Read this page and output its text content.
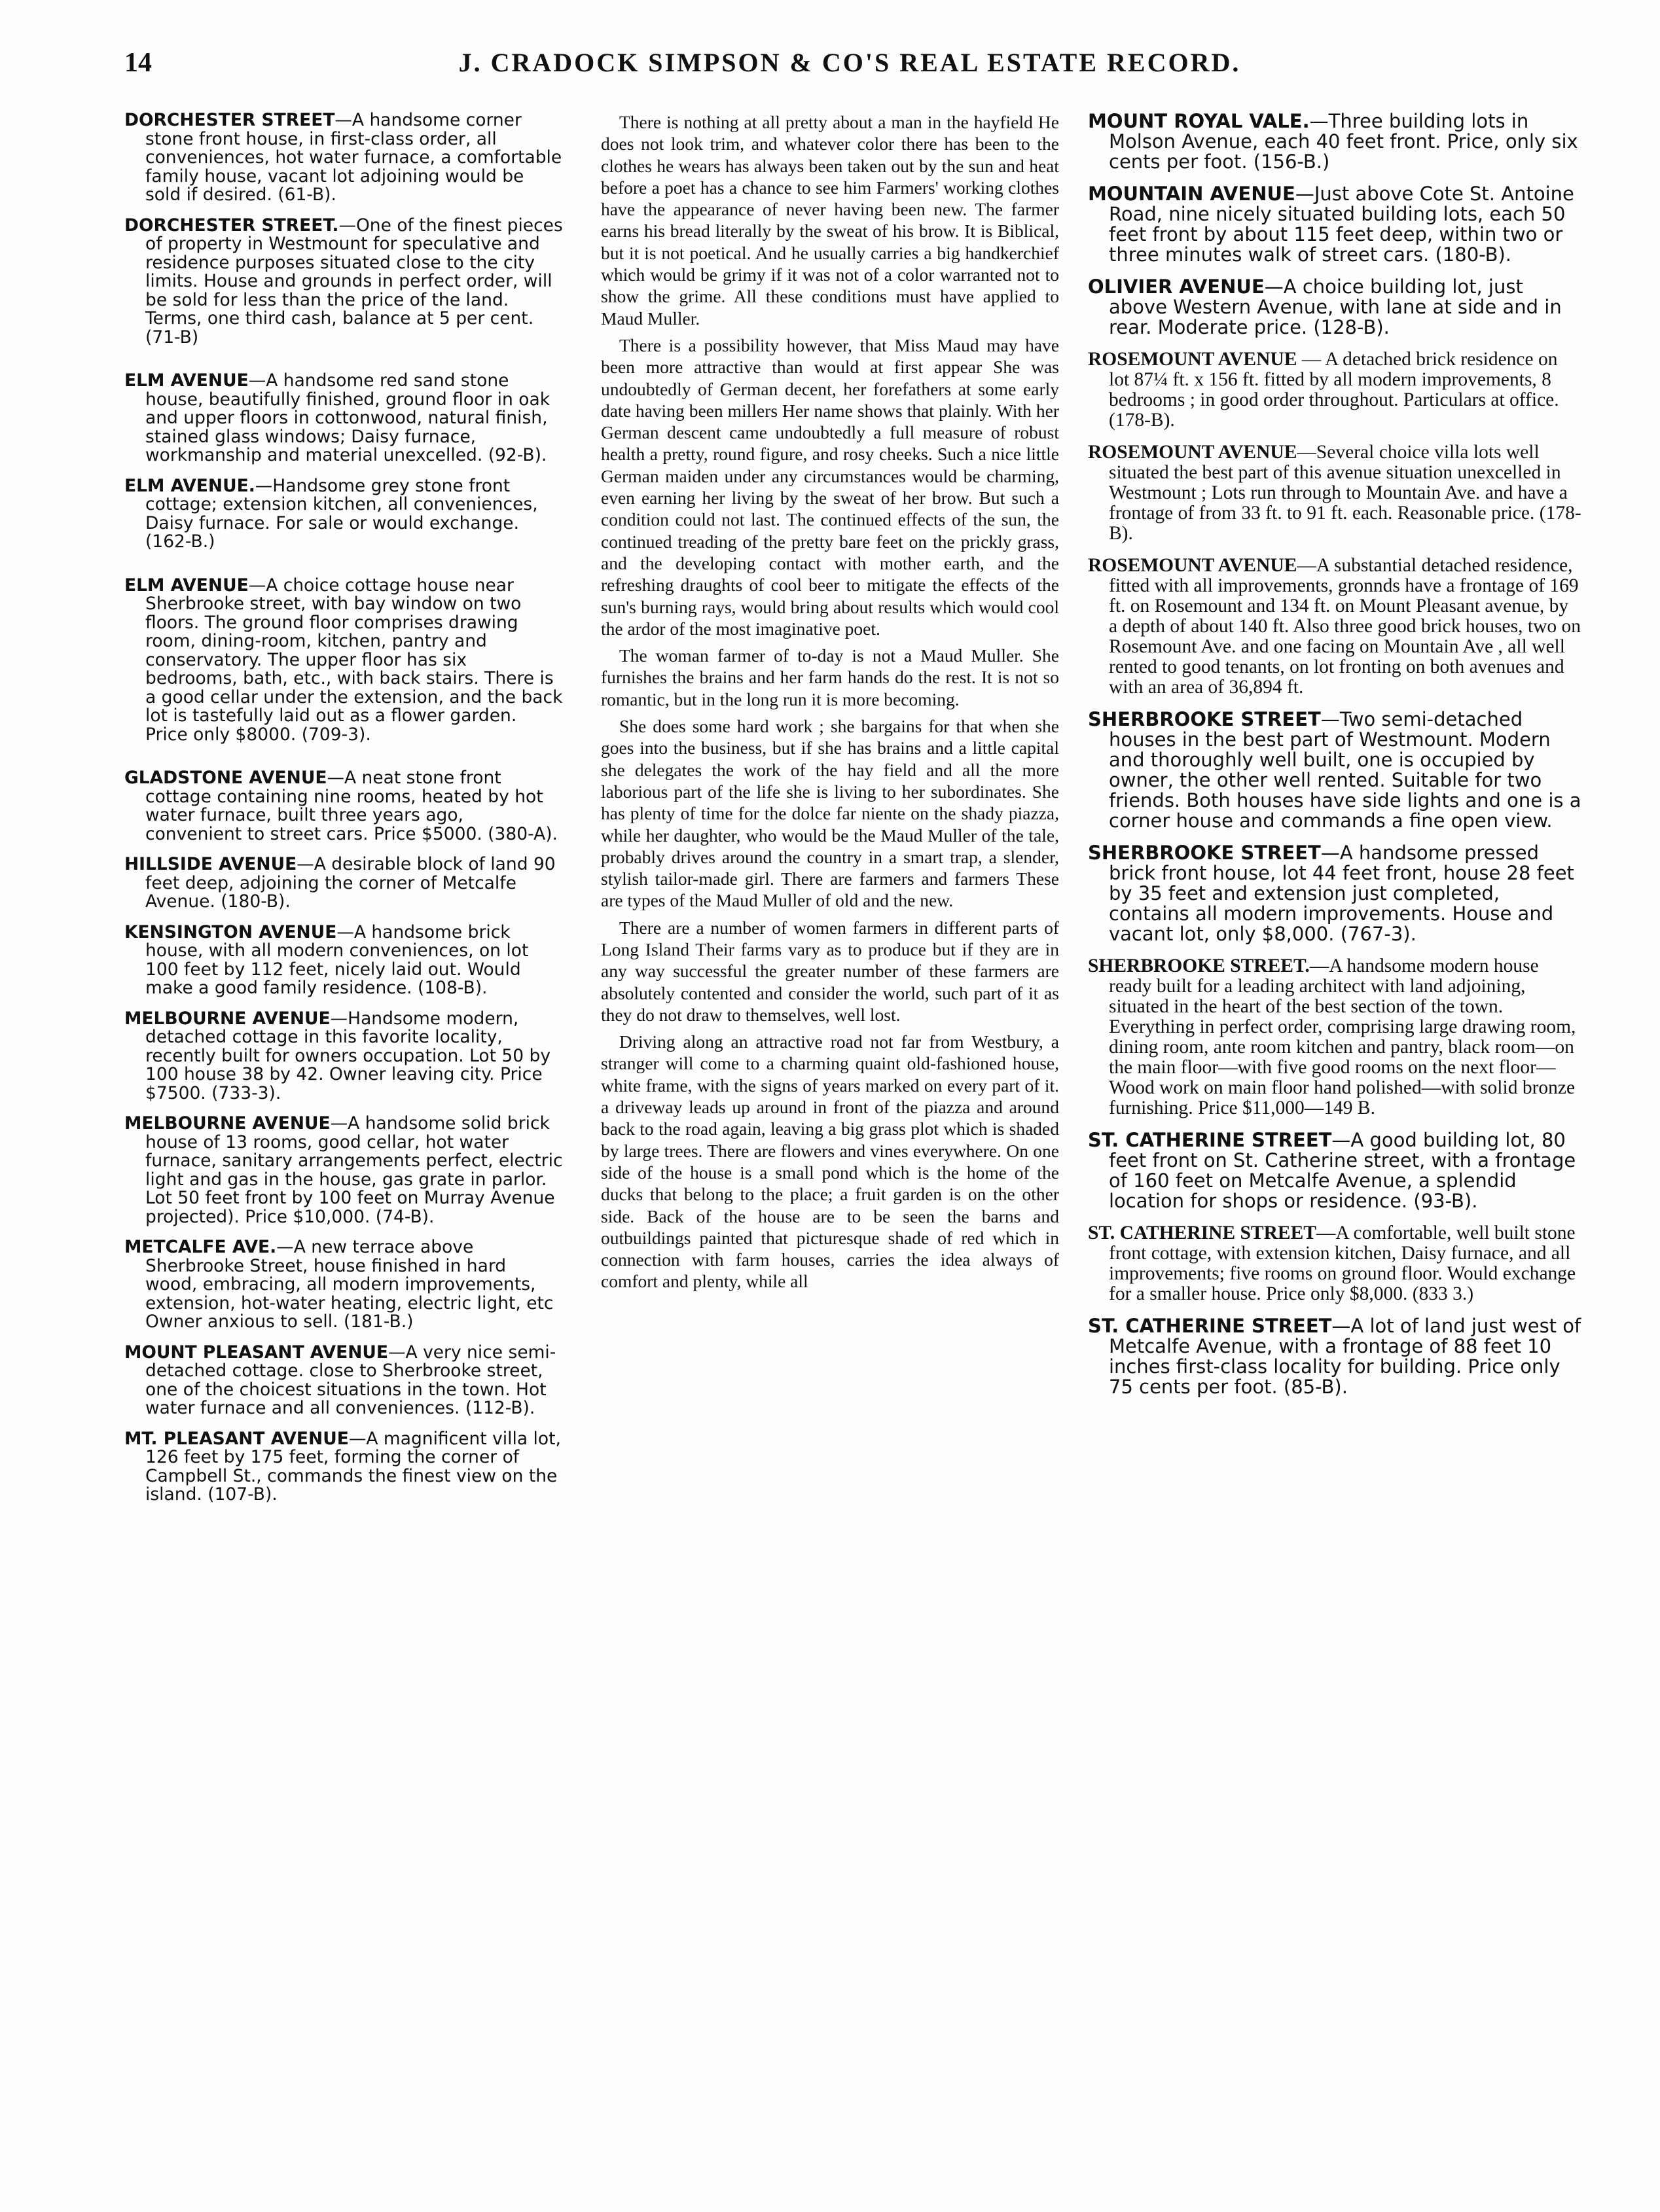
14	J. CRADOCK SIMPSON & CO'S REAL ESTATE RECORD.

DORCHESTER STREET—A handsome corner stone front house, in first-class order, all conveniences, hot water furnace, a comfortable family house, vacant lot adjoining would be sold if desired. (61-B).

DORCHESTER STREET.—One of the finest pieces of property in Westmount for speculative and residence purposes situated close to the city limits. House and grounds in perfect order, will be sold for less than the price of the land. Terms, one third cash, balance at 5 per cent. (71-B)

ELM AVENUE—A handsome red sand stone house, beautifully finished, ground floor in oak and upper floors in cottonwood, natural finish, stained glass windows; Daisy furnace, workmanship and material unexcelled. (92-B).

ELM AVENUE.—Handsome grey stone front cottage; extension kitchen, all conveniences, Daisy furnace. For sale or would exchange. (162-B.)

ELM AVENUE—A choice cottage house near Sherbrooke street, with bay window on two floors. The ground floor comprises drawing room, dining-room, kitchen, pantry and conservatory. The upper floor has six bedrooms, bath, etc., with back stairs. There is a good cellar under the extension, and the back lot is tastefully laid out as a flower garden. Price only $8000. (709-3).

GLADSTONE AVENUE—A neat stone front cottage containing nine rooms, heated by hot water furnace, built three years ago, convenient to street cars. Price $5000. (380-A).

HILLSIDE AVENUE—A desirable block of land 90 feet deep, adjoining the corner of Metcalfe Avenue. (180-B).

KENSINGTON AVENUE—A handsome brick house, with all modern conveniences, on lot 100 feet by 112 feet, nicely laid out. Would make a good family residence. (108-B).

MELBOURNE AVENUE—Handsome modern, detached cottage in this favorite locality, recently built for owners occupation. Lot 50 by 100 house 38 by 42. Owner leaving city. Price $7500. (733-3).

MELBOURNE AVENUE—A handsome solid brick house of 13 rooms, good cellar, hot water furnace, sanitary arrangements perfect, electric light and gas in the house, gas grate in parlor. Lot 50 feet front by 100 feet on Murray Avenue projected). Price $10,000. (74-B).

METCALFE AVE.—A new terrace above Sherbrooke Street, house finished in hard wood, embracing, all modern improvements, extension, hot-water heating, electric light, etc Owner anxious to sell. (181-B.)

MOUNT PLEASANT AVENUE—A very nice semi-detached cottage. close to Sherbrooke street, one of the choicest situations in the town. Hot water furnace and all conveniences. (112-B).

MT. PLEASANT AVENUE—A magnificent villa lot, 126 feet by 175 feet, forming the corner of Campbell St., commands the finest view on the island. (107-B).

There is nothing at all pretty about a man in the hayfield He does not look trim, and whatever color there has been to the clothes he wears has always been taken out by the sun and heat before a poet has a chance to see him Farmers' working clothes have the appearance of never having been new. The farmer earns his bread literally by the sweat of his brow. It is Biblical, but it is not poetical. And he usually carries a big handkerchief which would be grimy if it was not of a color warranted not to show the grime. All these conditions must have applied to Maud Muller.

There is a possibility however, that Miss Maud may have been more attractive than would at first appear She was undoubtedly of German decent, her forefathers at some early date having been millers Her name shows that plainly. With her German descent came undoubtedly a full measure of robust health a pretty, round figure, and rosy cheeks. Such a nice little German maiden under any circumstances would be charming, even earning her living by the sweat of her brow. But such a condition could not last. The continued effects of the sun, the continued treading of the pretty bare feet on the prickly grass, and the developing contact with mother earth, and the refreshing draughts of cool beer to mitigate the effects of the sun's burning rays, would bring about results which would cool the ardor of the most imaginative poet.

The woman farmer of to-day is not a Maud Muller. She furnishes the brains and her farm hands do the rest. It is not so romantic, but in the long run it is more becoming.

She does some hard work ; she bargains for that when she goes into the business, but if she has brains and a little capital she delegates the work of the hay field and all the more laborious part of the life she is living to her subordinates. She has plenty of time for the dolce far niente on the shady piazza, while her daughter, who would be the Maud Muller of the tale, probably drives around the country in a smart trap, a slender, stylish tailor-made girl. There are farmers and farmers These are types of the Maud Muller of old and the new.

There are a number of women farmers in different parts of Long Island Their farms vary as to produce but if they are in any way successful the greater number of these farmers are absolutely contented and consider the world, such part of it as they do not draw to themselves, well lost.

Driving along an attractive road not far from Westbury, a stranger will come to a charming quaint old-fashioned house, white frame, with the signs of years marked on every part of it. a driveway leads up around in front of the piazza and around back to the road again, leaving a big grass plot which is shaded by large trees. There are flowers and vines everywhere. On one side of the house is a small pond which is the home of the ducks that belong to the place; a fruit garden is on the other side. Back of the house are to be seen the barns and outbuildings painted that picturesque shade of red which in connection with farm houses, carries the idea always of comfort and plenty, while all

MOUNT ROYAL VALE.—Three building lots in Molson Avenue, each 40 feet front. Price, only six cents per foot. (156-B.)

MOUNTAIN AVENUE—Just above Cote St. Antoine Road, nine nicely situated building lots, each 50 feet front by about 115 feet deep, within two or three minutes walk of street cars. (180-B).

OLIVIER AVENUE—A choice building lot, just above Western Avenue, with lane at side and in rear. Moderate price. (128-B).

ROSEMOUNT AVENUE — A detached brick residence on lot 87¼ ft. x 156 ft. fitted by all modern improvements, 8 bedrooms ; in good order throughout. Particulars at office. (178-B).

ROSEMOUNT AVENUE—Several choice villa lots well situated the best part of this avenue situation unexcelled in Westmount ; Lots run through to Mountain Ave. and have a frontage of from 33 ft. to 91 ft. each. Reasonable price. (178-B).

ROSEMOUNT AVENUE—A substantial detached residence, fitted with all improvements, gronnds have a frontage of 169 ft. on Rosemount and 134 ft. on Mount Pleasant avenue, by a depth of about 140 ft. Also three good brick houses, two on Rosemount Ave. and one facing on Mountain Ave , all well rented to good tenants, on lot fronting on both avenues and with an area of 36,894 ft.

SHERBROOKE STREET—Two semi-detached houses in the best part of Westmount. Modern and thoroughly well built, one is occupied by owner, the other well rented. Suitable for two friends. Both houses have side lights and one is a corner house and commands a fine open view.

SHERBROOKE STREET—A handsome pressed brick front house, lot 44 feet front, house 28 feet by 35 feet and extension just completed, contains all modern improvements. House and vacant lot, only $8,000. (767-3).

SHERBROOKE STREET.—A handsome modern house ready built for a leading architect with land adjoining, situated in the heart of the best section of the town. Everything in perfect order, comprising large drawing room, dining room, ante room kitchen and pantry, black room—on the main floor—with five good rooms on the next floor—Wood work on main floor hand polished—with solid bronze furnishing. Price $11,000—149 B.

ST. CATHERINE STREET—A good building lot, 80 feet front on St. Catherine street, with a frontage of 160 feet on Metcalfe Avenue, a splendid location for shops or residence. (93-B).

ST. CATHERINE STREET—A comfortable, well built stone front cottage, with extension kitchen, Daisy furnace, and all improvements; five rooms on ground floor. Would exchange for a smaller house. Price only $8,000. (833 3.)

ST. CATHERINE STREET—A lot of land just west of Metcalfe Avenue, with a frontage of 88 feet 10 inches first-class locality for building. Price only 75 cents per foot. (85-B).
